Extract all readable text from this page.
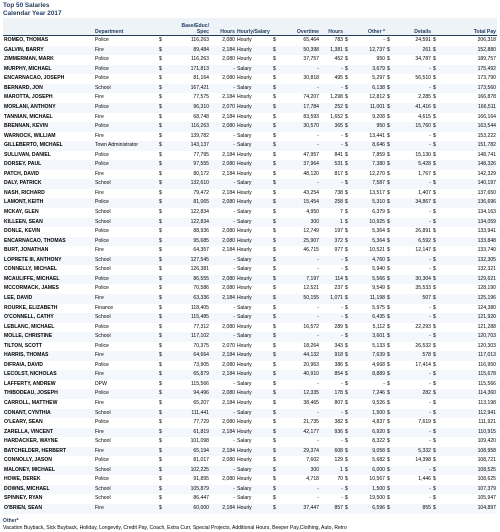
Top 50 Salaries
Calendar Year 2017
	Department	Base/Educ/
Spec	Hours	Hourly/Salary	Overtime	Hours	Other *	Details	Total Pay
ROMEO, THOMAS	Police	$ 116,263	2,080	Hourly	$ 65,464	783	$ -	$ 24,591	$ 206,318

GALVIN, BARRY	Fire	$ 89,484	2,184	Hourly	$ 50,398	1,381	$ 12,737	$ 261	$ 152,880

ZIMMERMAN, MARK	Police	$ 116,263	2,080	Hourly	$ 37,757	452	$ 950	$ 34,787	$ 189,757

MURPHY, MICHAEL	Police	$ 171,813	-	Salary	$ -	-	$ 3,679	$ -	$ 175,492

ENCARNACAO, JOSEPH	Police	$ 81,164	2,080	Hourly	$ 30,818	495	$ 5,297	$ 56,510	$ 173,790

BERNARD, JON	School	$ 167,421	-	Salary	$ -	-	$ 6,138	$ -	$ 173,560

MAROTTA, JOSEPH	Fire	$ 77,575	2,184	Hourly	$ 74,207	1,298	$ 12,812	$ 2,285	$ 166,878

MORLANI, ANTHONY	Police	$ 96,310	2,070	Hourly	$ 17,784	252	$ 11,001	$ 41,416	$ 166,511

TANNIAN, MICHAEL	Fire	$ 68,748	2,184	Hourly	$ 83,593	1,652	$ 9,208	$ 4,615	$ 166,164

BRENNAN, KEVIN	Police	$ 116,263	2,080	Hourly	$ 30,570	365	$ 950	$ 15,760	$ 163,544

WARNOCK, WILLIAM	Fire	$ 139,782	-	Salary	$ -	-	$ 13,441	$ -	$ 153,222

GILLEBERTO, MICHAEL	Town Administrator	$ 143,137	-	Salary	$ -	-	$ 8,646	$ -	$ 151,782

SULLIVAN, DANIEL	Police	$ 77,795	2,184	Hourly	$ 47,957	841	$ 7,859	$ 15,130	$ 148,741

DORSEY, PAUL	Police	$ 97,555	2,080	Hourly	$ 37,964	531	$ 7,380	$ 5,428	$ 148,326

PATCH, DAVID	Fire	$ 80,172	2,184	Hourly	$ 48,120	817	$ 12,270	$ 1,767	$ 142,329

DALY, PATRICK	School	$ 132,610	-	Salary	$ -	-	$ 7,587	$ -	$ 140,197

NASH, RICHARD	Fire	$ 79,472	2,184	Hourly	$ 43,254	738	$ 13,517	$ 1,407	$ 137,650

LAMONT, KEITH	Police	$ 81,065	2,080	Hourly	$ 15,454	258	$ 5,310	$ 34,867	$ 136,696

MCKAY, GLEN	School	$ 122,834	-	Salary	$ 4,950	7	$ 6,379	$ -	$ 134,163

KILLEEN, SEAN	School	$ 122,834	-	Salary	$ 300	1	$ 10,925	$ -	$ 134,059

DONLE, KEVIN	Police	$ 88,936	2,080	Hourly	$ 12,749	197	$ 5,364	$ 26,891	$ 133,941

ENCARNACAO, THOMAS	Police	$ 95,685	2,080	Hourly	$ 25,907	372	$ 5,364	$ 6,592	$ 133,848

BURT, JONATHAN	Fire	$ 64,357	2,184	Hourly	$ 46,715	977	$ 10,521	$ 12,147	$ 133,740

LOPRETE III, ANTHONY	School	$ 127,545	-	Salary	$ -	-	$ 4,760	$ -	$ 132,305

CONNELLY, MICHAEL	School	$ 126,381	-	Salary	$ -	-	$ 5,940	$ -	$ 132,321

MCAULIFFE, MICHAEL	Police	$ 86,555	2,080	Hourly	$ 7,197	114	$ 5,566	$ 30,304	$ 129,621

MCCORMACK, JAMES	Police	$ 70,586	2,080	Hourly	$ 12,521	237	$ 9,549	$ 35,533	$ 128,190

LEE, DAVID	Fire	$ 63,336	2,184	Hourly	$ 50,155	1,071	$ 11,198	$ 507	$ 125,196

ROURKE, ELIZABETH	Finance	$ 118,405	-	Salary	$ -	-	$ 5,975	$ -	$ 124,380

O'CONNELL, CATHY	School	$ 115,485	-	Salary	$ -	-	$ 6,435	$ -	$ 121,920

LEBLANC, MICHAEL	Police	$ 77,312	2,080	Hourly	$ 16,572	289	$ 5,112	$ 22,293	$ 121,288

MOLLE, CHRISTINE	School	$ 117,102	-	Salary	$ -	-	$ 3,601	$ -	$ 120,703

TILTON, SCOTT	Police	$ 70,375	2,070	Hourly	$ 18,264	343	$ 5,133	$ 26,532	$ 120,303

HARRIS, THOMAS	Fire	$ 64,664	2,184	Hourly	$ 44,132	918	$ 7,639	$ 578	$ 117,013

DIFRAIA, DAVID	Police	$ 73,905	2,080	Hourly	$ 20,963	386	$ 4,668	$ 17,414	$ 116,950

LECOLST, NICHOLAS	Fire	$ 65,879	2,184	Hourly	$ 40,910	854	$ 8,889	$ -	$ 115,678

LAFFERTY, ANDREW	DPW	$ 115,566	-	Salary	$ -	-	$ -	$ -	$ 115,566

THIBODEAU, JOSEPH	Police	$ 94,496	2,080	Hourly	$ 12,335	178	$ 7,246	$ 282	$ 114,360

CARROLL, MATTHEW	Fire	$ 65,207	2,184	Hourly	$ 38,465	807	$ 9,526	$ -	$ 113,198

CONANT, CYNTHIA	School	$ 111,441	-	Salary	$ -	-	$ 1,500	$ -	$ 112,941

O'LEARY, SEAN	Police	$ 77,729	2,080	Hourly	$ 21,735	382	$ 4,837	$ 7,619	$ 111,921

ZARELLA, VINCENT	Fire	$ 61,819	2,184	Hourly	$ 42,177	936	$ 6,920	$ -	$ 110,915

HARDACKER, WAYNE	School	$ 101,098	-	Salary	$ -	-	$ 8,322	$ -	$ 109,420

BATCHELDER, HERBERT	Fire	$ 65,194	2,184	Hourly	$ 29,374	608	$ 9,058	$ 5,332	$ 108,958

CONNOLLY, JASON	Police	$ 81,017	2,080	Hourly	$ 7,602	129	$ 5,682	$ 14,398	$ 108,721

MALONEY, MICHAEL	School	$ 102,225	-	Salary	$ 300	1	$ 6,000	$ -	$ 108,525

HOWE, DEREK	Police	$ 91,895	2,080	Hourly	$ 4,718	70	$ 10,567	$ 1,446	$ 108,625

DOWNS, MICHAEL	School	$ 105,879	-	Salary	$ -	-	$ 1,500	$ -	$ 107,379

SPINNEY, RYAN	School	$ 86,447	-	Salary	$ -	-	$ 19,500	$ -	$ 105,947

O'BRIEN, SEAN	Fire	$ 60,000	2,184	Hourly	$ 37,447	857	$ 6,596	$ 855	$ 104,897
Other*
Vacation Buyback, Sick Buyback, Holiday, Longevity, Credit Pay, Coach, Extra Curr, Special Projects, Additional Hours, Beeper Pay,Clothing, Auto, Retro
